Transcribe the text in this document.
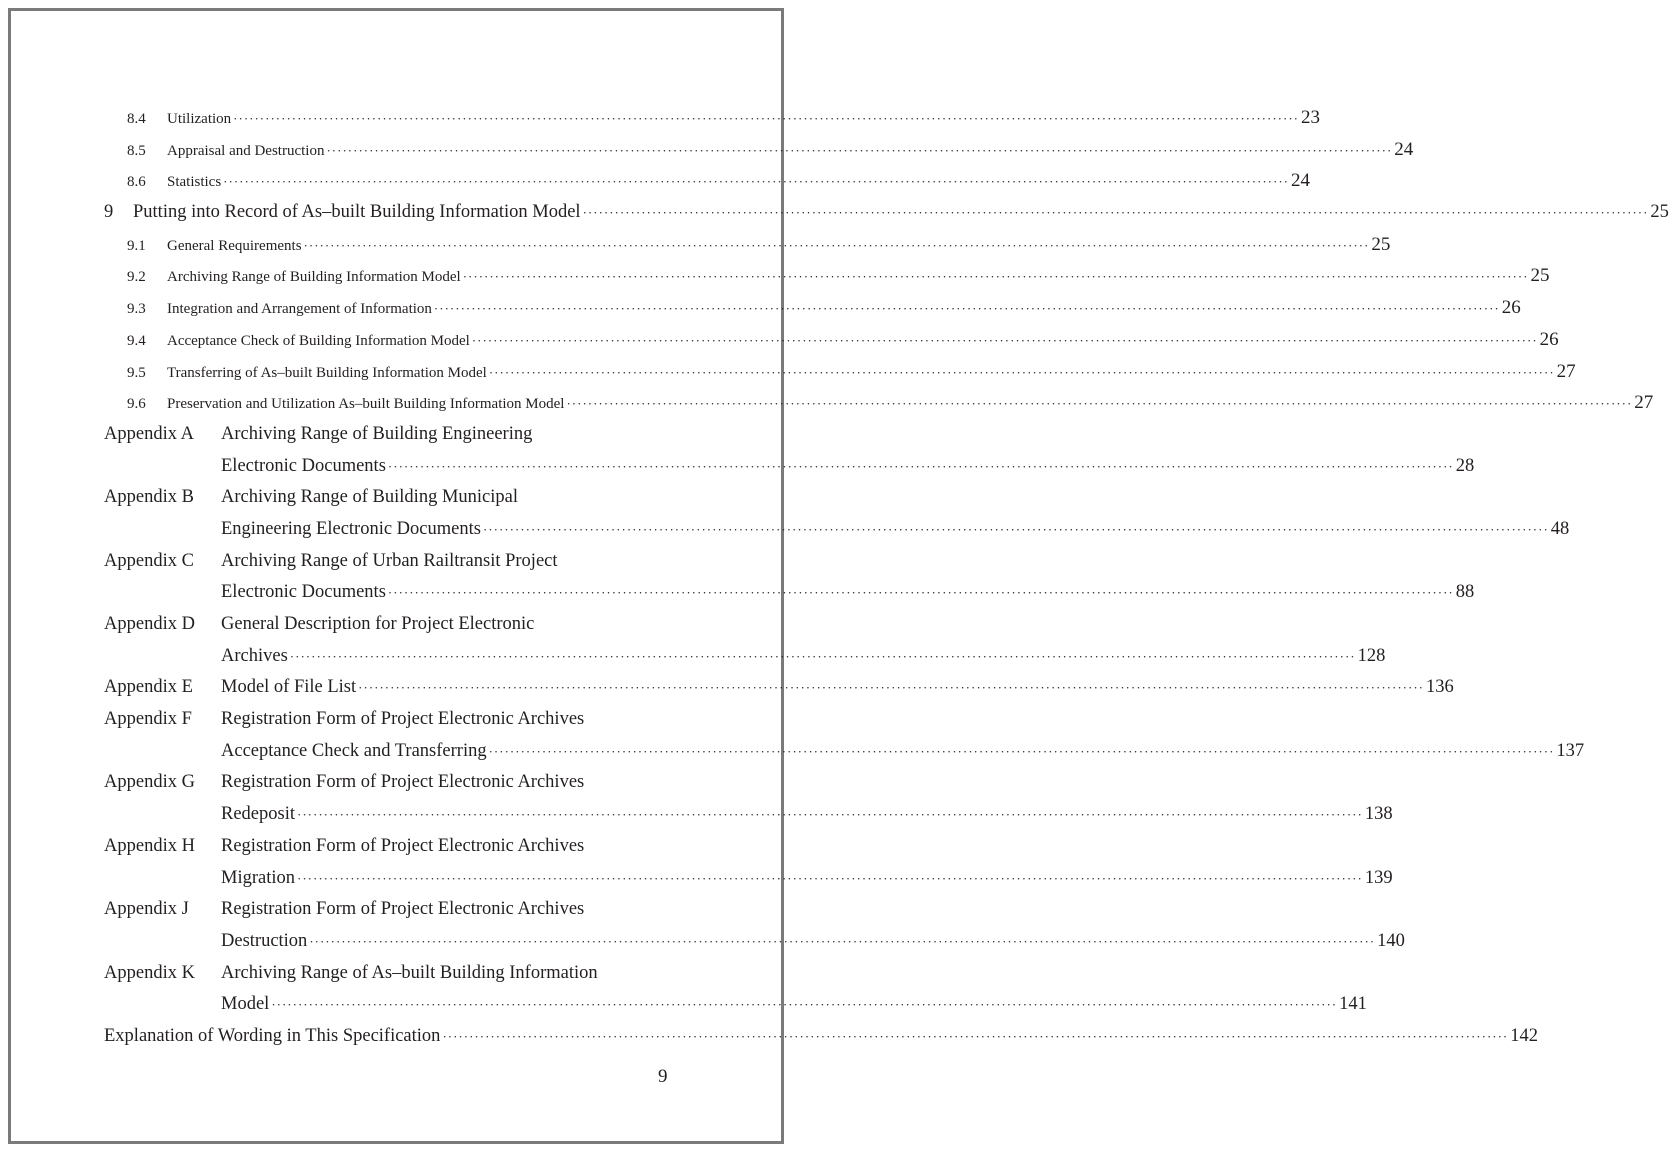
8.4	Utilization ········································································································································································································ 23
8.5	Appraisal and Destruction ········································································································································································································ 24
8.6	Statistics ········································································································································································································ 24
9	Putting into Record of As–built Building Information Model ········································································································································································································ 25
9.1	General Requirements ········································································································································································································ 25
9.2	Archiving Range of Building Information Model ········································································································································································································ 25
9.3	Integration and Arrangement of Information ········································································································································································································ 26
9.4	Acceptance Check of Building Information Model ········································································································································································································ 26
9.5	Transferring of As–built Building Information Model ········································································································································································································ 27
9.6	Preservation and Utilization As–built Building Information Model ········································································································································································································ 27
Appendix A	Archiving Range of Building Engineering
Electronic Documents ········································································································································································································ 28
Appendix B	Archiving Range of Building Municipal
Engineering Electronic Documents ········································································································································································································ 48
Appendix C	Archiving Range of Urban Railtransit Project
Electronic Documents ········································································································································································································ 88
Appendix D	General Description for Project Electronic
Archives ········································································································································································································ 128
Appendix E	Model of File List ········································································································································································································ 136
Appendix F	Registration Form of Project Electronic Archives
Acceptance Check and Transferring ········································································································································································································ 137
Appendix G	Registration Form of Project Electronic Archives
Redeposit ········································································································································································································ 138
Appendix H	Registration Form of Project Electronic Archives
Migration ········································································································································································································ 139
Appendix J	Registration Form of Project Electronic Archives
Destruction ········································································································································································································ 140
Appendix K	Archiving Range of As–built Building Information
Model ········································································································································································································ 141
Explanation of Wording in This Specification ········································································································································································································ 142
9
